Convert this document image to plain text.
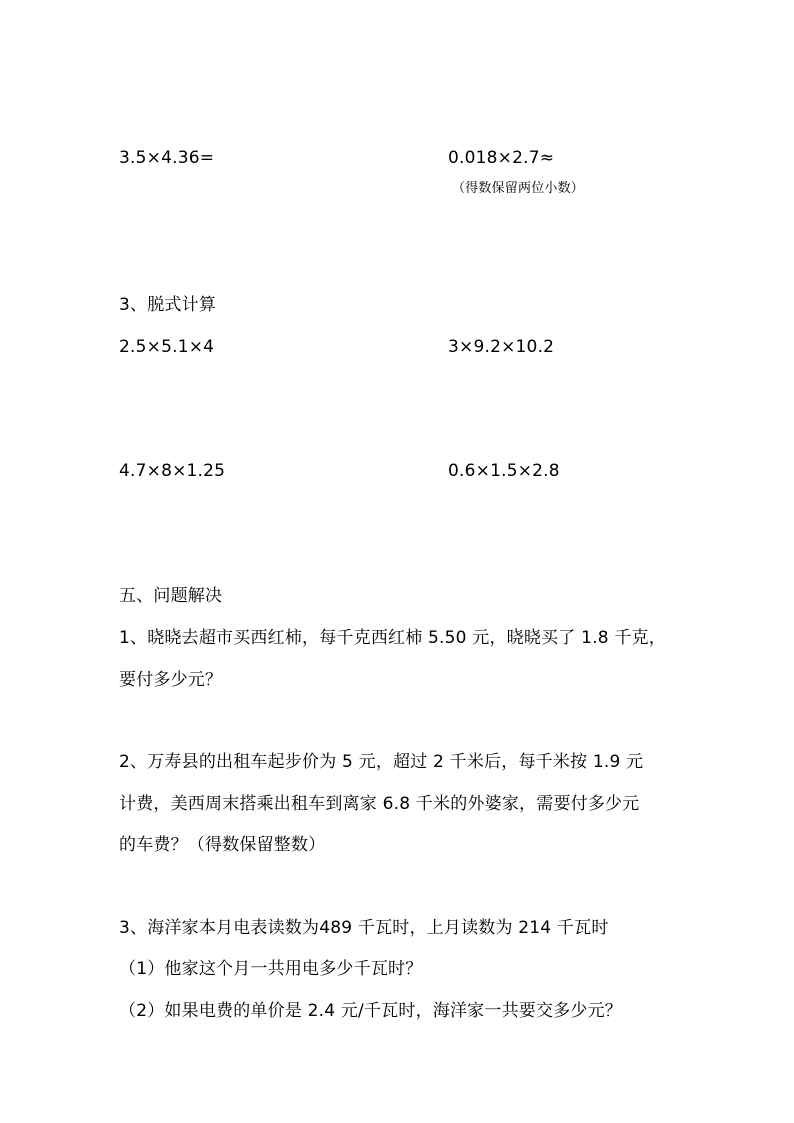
3.5×4.36=	0.018×2.7≈
（得数保留两位小数）
3、脱式计算
2.5×5.1×4	3×9.2×10.2
4.7×8×1.25	0.6×1.5×2.8
五、问题解决
1、晓晓去超市买西红柿，每千克西红柿 5.50 元，晓晓买了 1.8 千克，
要付多少元？
2、万寿县的出租车起步价为 5 元，超过 2 千米后，每千米按 1.9 元
计费，美西周末搭乘出租车到离家 6.8 千米的外婆家，需要付多少元
的车费？（得数保留整数）
3、海洋家本月电表读数为489 千瓦时，上月读数为 214 千瓦时
（1）他家这个月一共用电多少千瓦时？
（2）如果电费的单价是 2.4 元/千瓦时，海洋家一共要交多少元？
